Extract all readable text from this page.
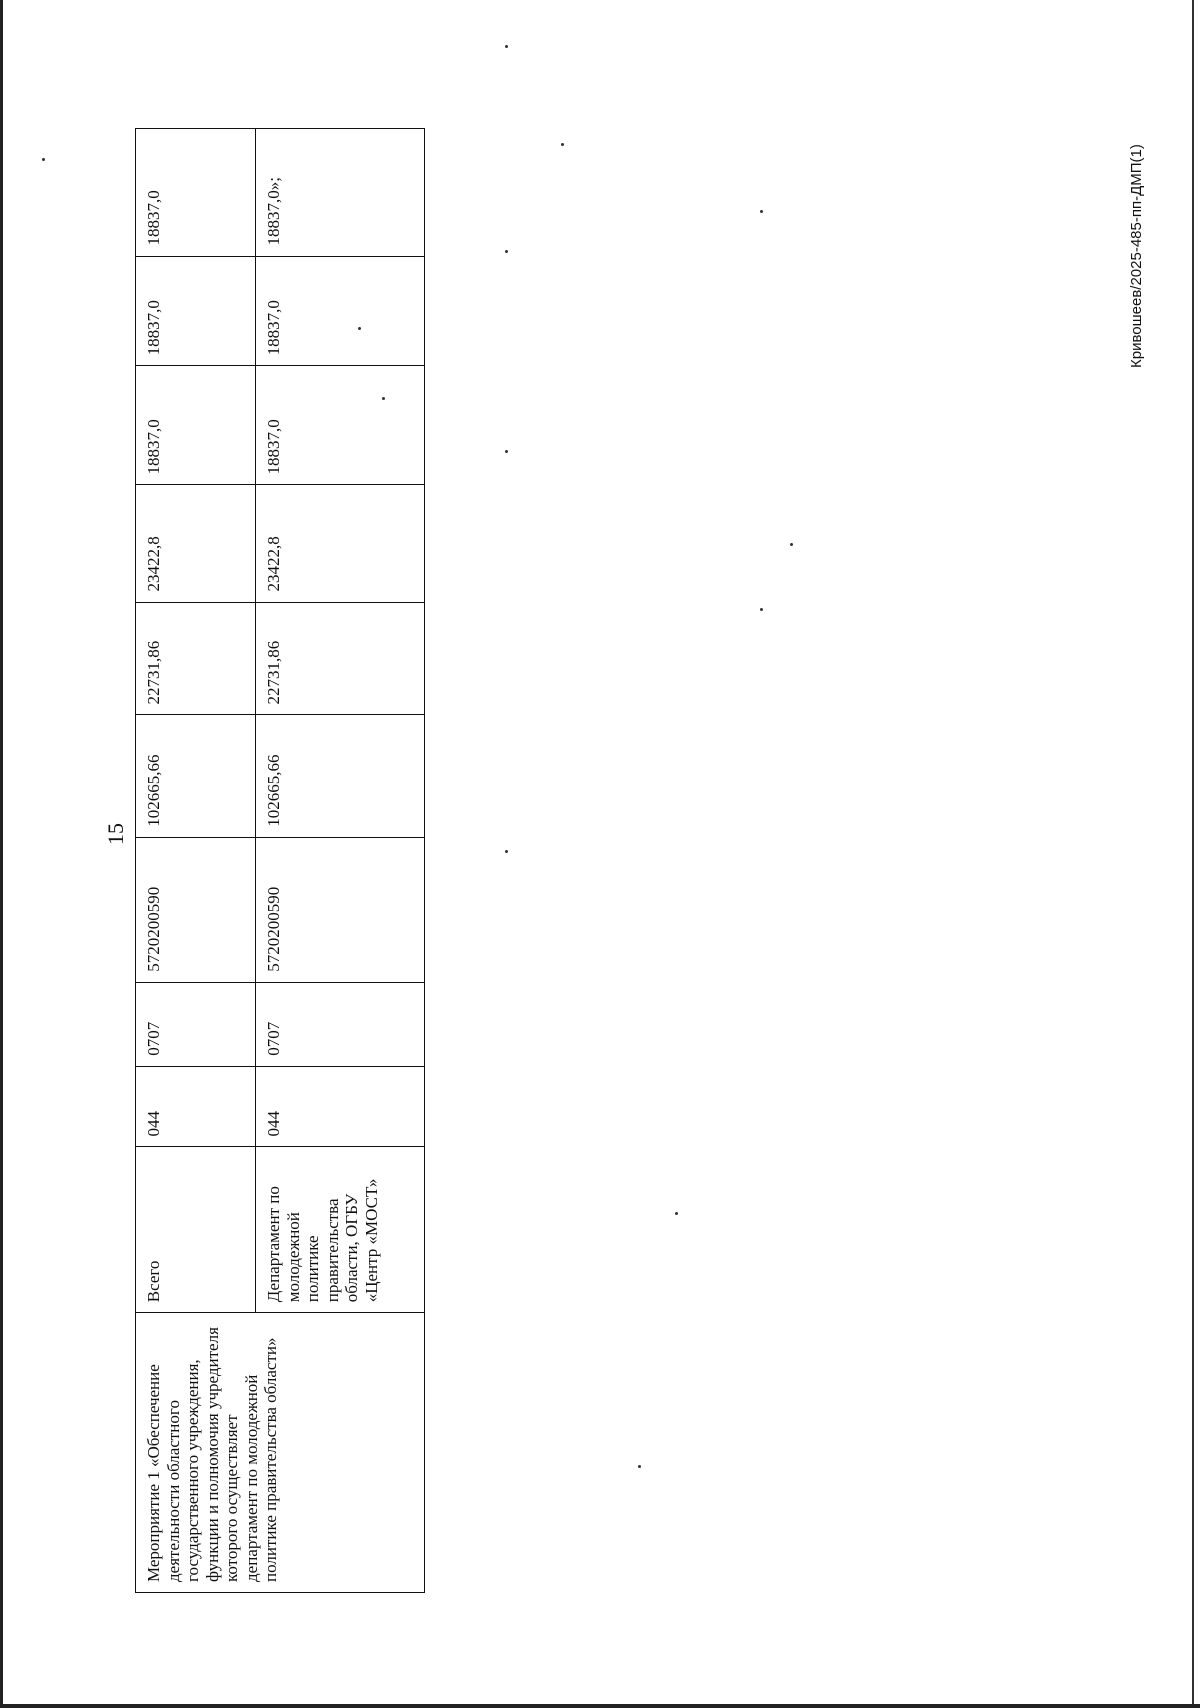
15
Кривошеев/2025-485-пп-ДМП(1)
Мероприятие 1 «Обеспечение деятельности областного государственного учреждения, функции и полномочия учредителя которого осуществляет департамент по молодежной политике правительства области»	Всего	044	0707	5720200590	102665,66	22731,86	23422,8	18837,0	18837,0	18837,0
	Департамент по молодежной политике правительства области, ОГБУ «Центр «МОСТ»	044	0707	5720200590	102665,66	22731,86	23422,8	18837,0	18837,0	18837,0»;
